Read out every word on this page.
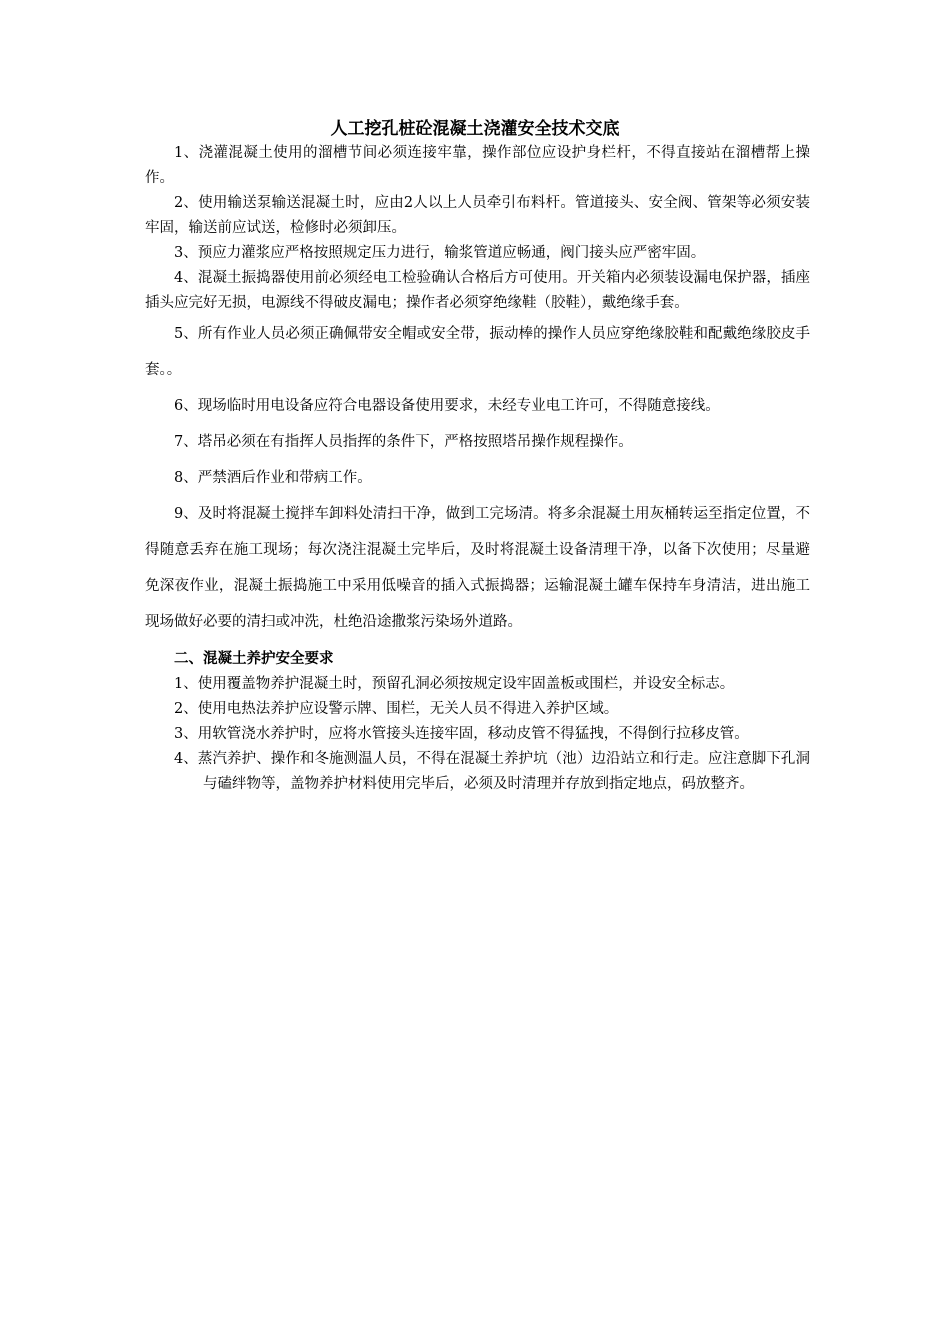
人工挖孔桩砼混凝土浇灌安全技术交底

1、浇灌混凝土使用的溜槽节间必须连接牢靠，操作部位应设护身栏杆，不得直接站在溜槽帮上操作。

2、使用输送泵输送混凝土时，应由2人以上人员牵引布料杆。管道接头、安全阀、管架等必须安装牢固，输送前应试送，检修时必须卸压。

3、预应力灌浆应严格按照规定压力进行，输浆管道应畅通，阀门接头应严密牢固。

4、混凝土振捣器使用前必须经电工检验确认合格后方可使用。开关箱内必须装设漏电保护器，插座插头应完好无损，电源线不得破皮漏电；操作者必须穿绝缘鞋（胶鞋），戴绝缘手套。

5、所有作业人员必须正确佩带安全帽或安全带，振动棒的操作人员应穿绝缘胶鞋和配戴绝缘胶皮手套。。

6、现场临时用电设备应符合电器设备使用要求，未经专业电工许可，不得随意接线。

7、塔吊必须在有指挥人员指挥的条件下，严格按照塔吊操作规程操作。

8、严禁酒后作业和带病工作。

9、及时将混凝土搅拌车卸料处清扫干净，做到工完场清。将多余混凝土用灰桶转运至指定位置，不得随意丢弃在施工现场；每次浇注混凝土完毕后，及时将混凝土设备清理干净，以备下次使用；尽量避免深夜作业，混凝土振捣施工中采用低噪音的插入式振捣器；运输混凝土罐车保持车身清洁，进出施工现场做好必要的清扫或冲洗，杜绝沿途撒浆污染场外道路。

二、混凝土养护安全要求

1、使用覆盖物养护混凝土时，预留孔洞必须按规定设牢固盖板或围栏，并设安全标志。

2、使用电热法养护应设警示牌、围栏，无关人员不得进入养护区域。

3、用软管浇水养护时，应将水管接头连接牢固，移动皮管不得猛拽，不得倒行拉移皮管。

4、蒸汽养护、操作和冬施测温人员，不得在混凝土养护坑（池）边沿站立和行走。应注意脚下孔洞与磕绊物等，盖物养护材料使用完毕后，必须及时清理并存放到指定地点，码放整齐。
